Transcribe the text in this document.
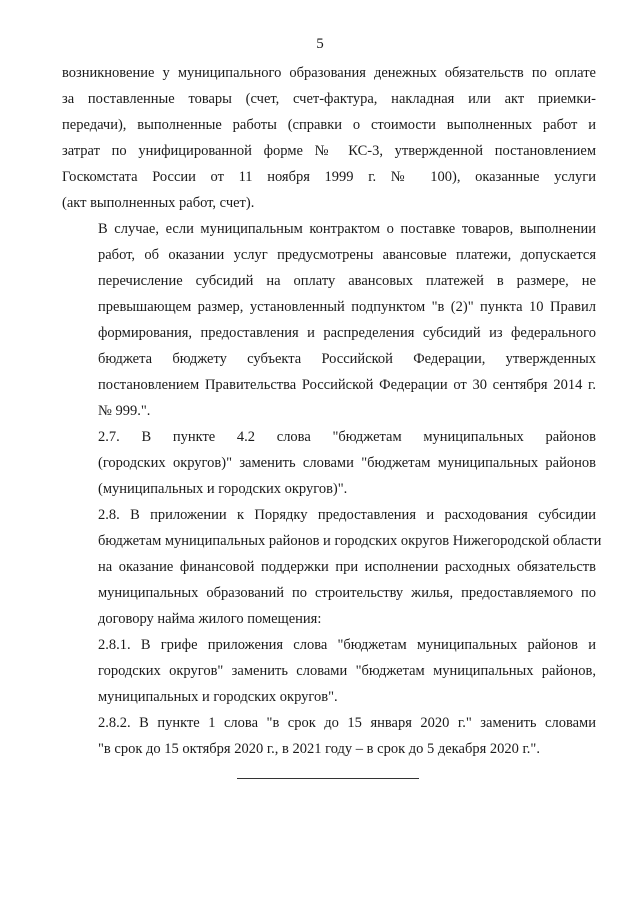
5

возникновение у муниципального образования денежных обязательств по оплате
за поставленные товары (счет, счет-фактура, накладная или акт приемки-
передачи), выполненные работы (справки о стоимости выполненных работ и
затрат по унифицированной форме № КС-3, утвержденной постановлением
Госкомстата России от 11 ноября 1999 г. № 100), оказанные услуги
(акт выполненных работ, счет).

В случае, если муниципальным контрактом о поставке товаров, выполнении
работ, об оказании услуг предусмотрены авансовые платежи, допускается
перечисление субсидий на оплату авансовых платежей в размере, не
превышающем размер, установленный подпунктом "в (2)" пункта 10 Правил
формирования, предоставления и распределения субсидий из федерального
бюджета бюджету субъекта Российской Федерации, утвержденных
постановлением Правительства Российской Федерации от 30 сентября 2014 г.
№ 999.".

2.7. В пункте 4.2 слова "бюджетам муниципальных районов
(городских округов)" заменить словами "бюджетам муниципальных районов
(муниципальных и городских округов)".

2.8. В приложении к Порядку предоставления и расходования субсидии
бюджетам муниципальных районов и городских округов Нижегородской области
на оказание финансовой поддержки при исполнении расходных обязательств
муниципальных образований по строительству жилья, предоставляемого по
договору найма жилого помещения:

2.8.1. В грифе приложения слова "бюджетам муниципальных районов и
городских округов" заменить словами "бюджетам муниципальных районов,
муниципальных и городских округов".

2.8.2. В пункте 1 слова "в срок до 15 января 2020 г." заменить словами
"в срок до 15 октября 2020 г., в 2021 году – в срок до 5 декабря 2020 г.".
